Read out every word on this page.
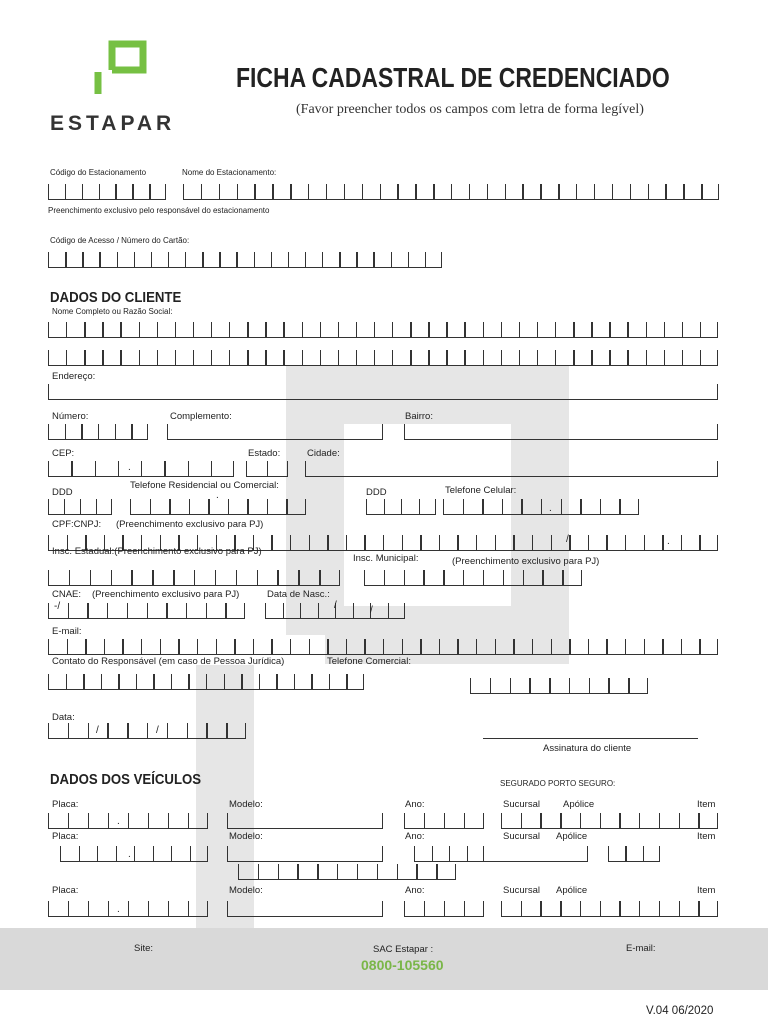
ESTAPAR
FICHA CADASTRAL DE CREDENCIADO
(Favor preencher todos os campos com letra de forma legível)
Código do Estacionamento	Nome do Estacionamento:
Preenchimento exclusivo pelo responsável do estacionamento
Código de Acesso / Número do Cartão:
DADOS DO CLIENTE
Nome Completo ou Razão Social:
Endereço:
Número:	Complemento:	Bairro:
CEP:	Estado:	Cidade:
.
DDD
Telefone Residencial ou Comercial:
DDD	Telefone Celular:
.
.
CPF:CNPJ: (Preenchimento exclusivo para PJ)
/	.
Insc. Estadual:(Preenchimento exclusivo para PJ)
Insc. Municipal:	(Preenchimento exclusivo para PJ)
CNAE: (Preenchimento exclusivo para PJ)	Data de Nasc.:
-/	/	/
E-mail:
Contato do Responsável (em caso de Pessoa Jurídica)	Telefone Comercial:
Data:
/	/
Assinatura do cliente
DADOS DOS VEÍCULOS	SEGURADO PORTO SEGURO:
Placa:	Modelo:	Ano:	Sucursal Apólice	Item
.
Placa:	Modelo:	Ano:	Sucursal Apólice	Item
.
Placa:	Modelo:	Ano:	Sucursal Apólice	Item
.
Site:	SAC Estapar :
0800-105560
E-mail:
V.04 06/2020
